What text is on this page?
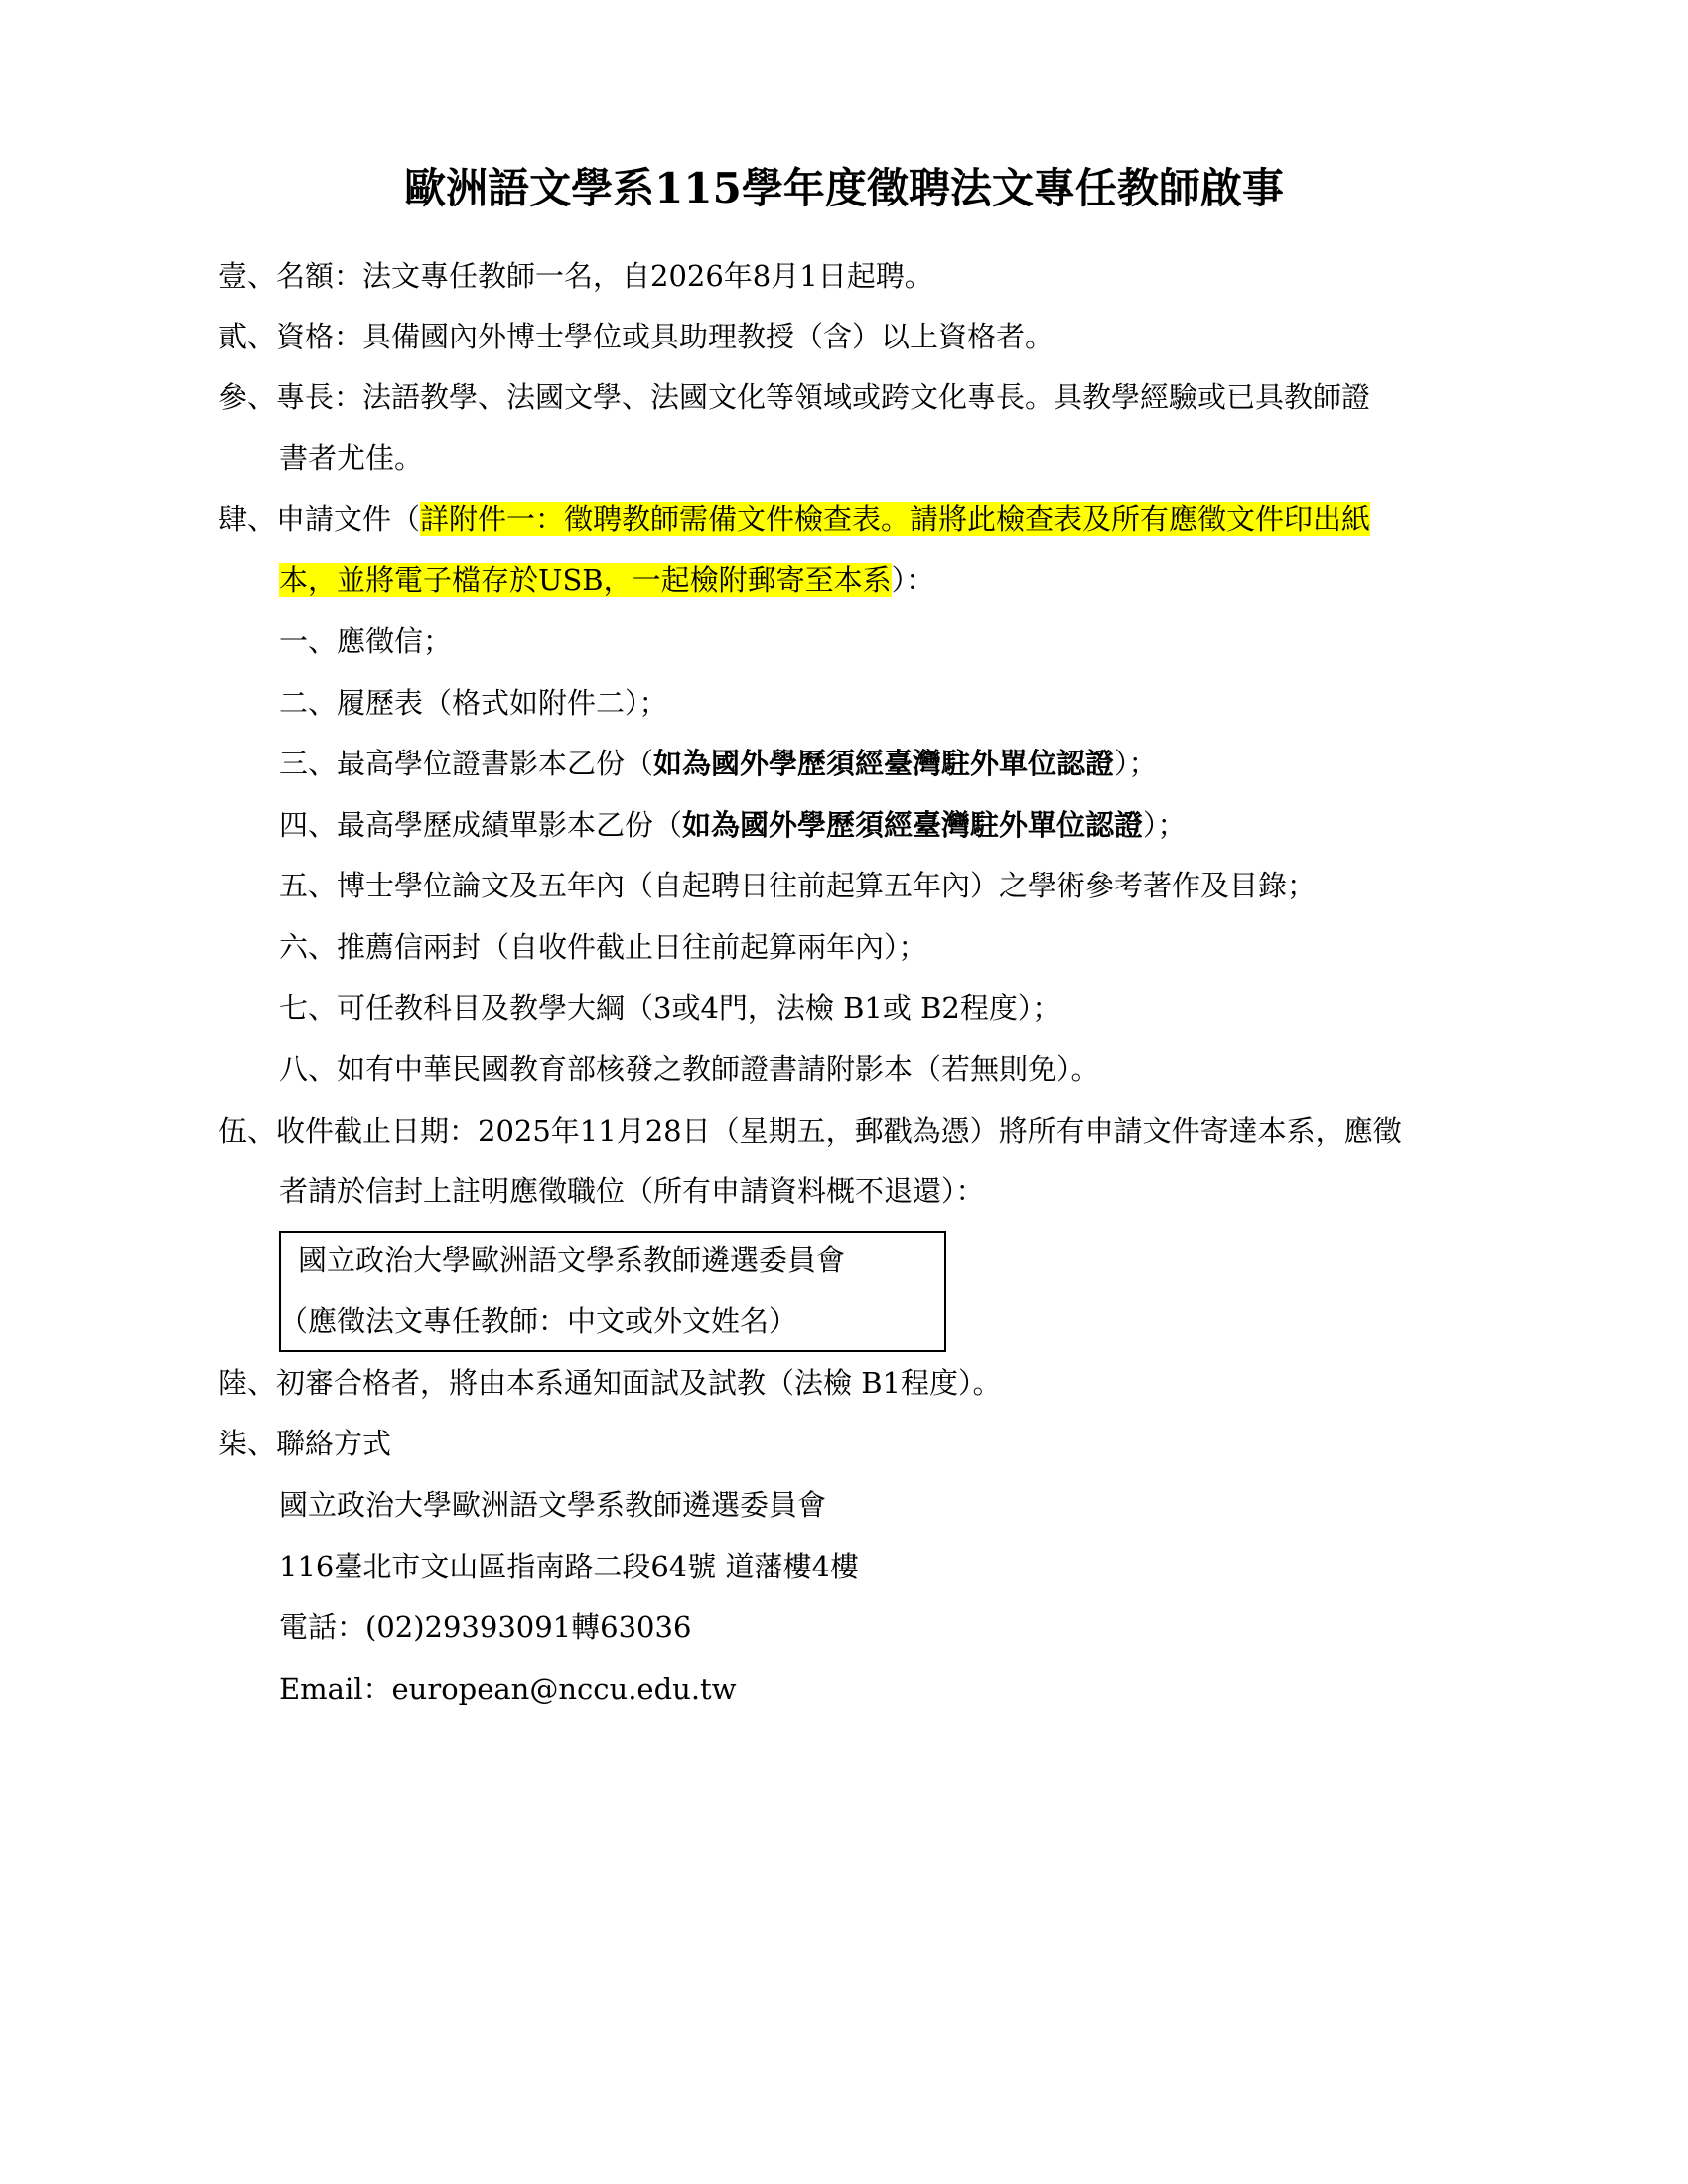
歐洲語文學系115學年度徵聘法文專任教師啟事
壹、名額：法文專任教師一名，自2026年8月1日起聘。
貳、資格：具備國內外博士學位或具助理教授（含）以上資格者。
參、專長：法語教學、法國文學、法國文化等領域或跨文化專長。具教學經驗或已具教師證
書者尤佳。
肆、申請文件（詳附件一：徵聘教師需備文件檢查表。請將此檢查表及所有應徵文件印出紙
本，並將電子檔存於USB，一起檢附郵寄至本系）：
一、應徵信；
二、履歷表（格式如附件二）；
三、最高學位證書影本乙份（如為國外學歷須經臺灣駐外單位認證）；
四、最高學歷成績單影本乙份（如為國外學歷須經臺灣駐外單位認證）；
五、博士學位論文及五年內（自起聘日往前起算五年內）之學術參考著作及目錄；
六、推薦信兩封（自收件截止日往前起算兩年內）；
七、可任教科目及教學大綱（3或4門，法檢 B1或 B2程度）；
八、如有中華民國教育部核發之教師證書請附影本（若無則免）。
伍、收件截止日期：2025年11月28日（星期五，郵戳為憑）將所有申請文件寄達本系，應徵
者請於信封上註明應徵職位（所有申請資料概不退還）：
國立政治大學歐洲語文學系教師遴選委員會
（應徵法文專任教師：中文或外文姓名）
陸、初審合格者，將由本系通知面試及試教（法檢 B1程度）。
柒、聯絡方式
國立政治大學歐洲語文學系教師遴選委員會
116臺北市文山區指南路二段64號 道藩樓4樓
電話：(02)29393091轉63036
Email：european@nccu.edu.tw
